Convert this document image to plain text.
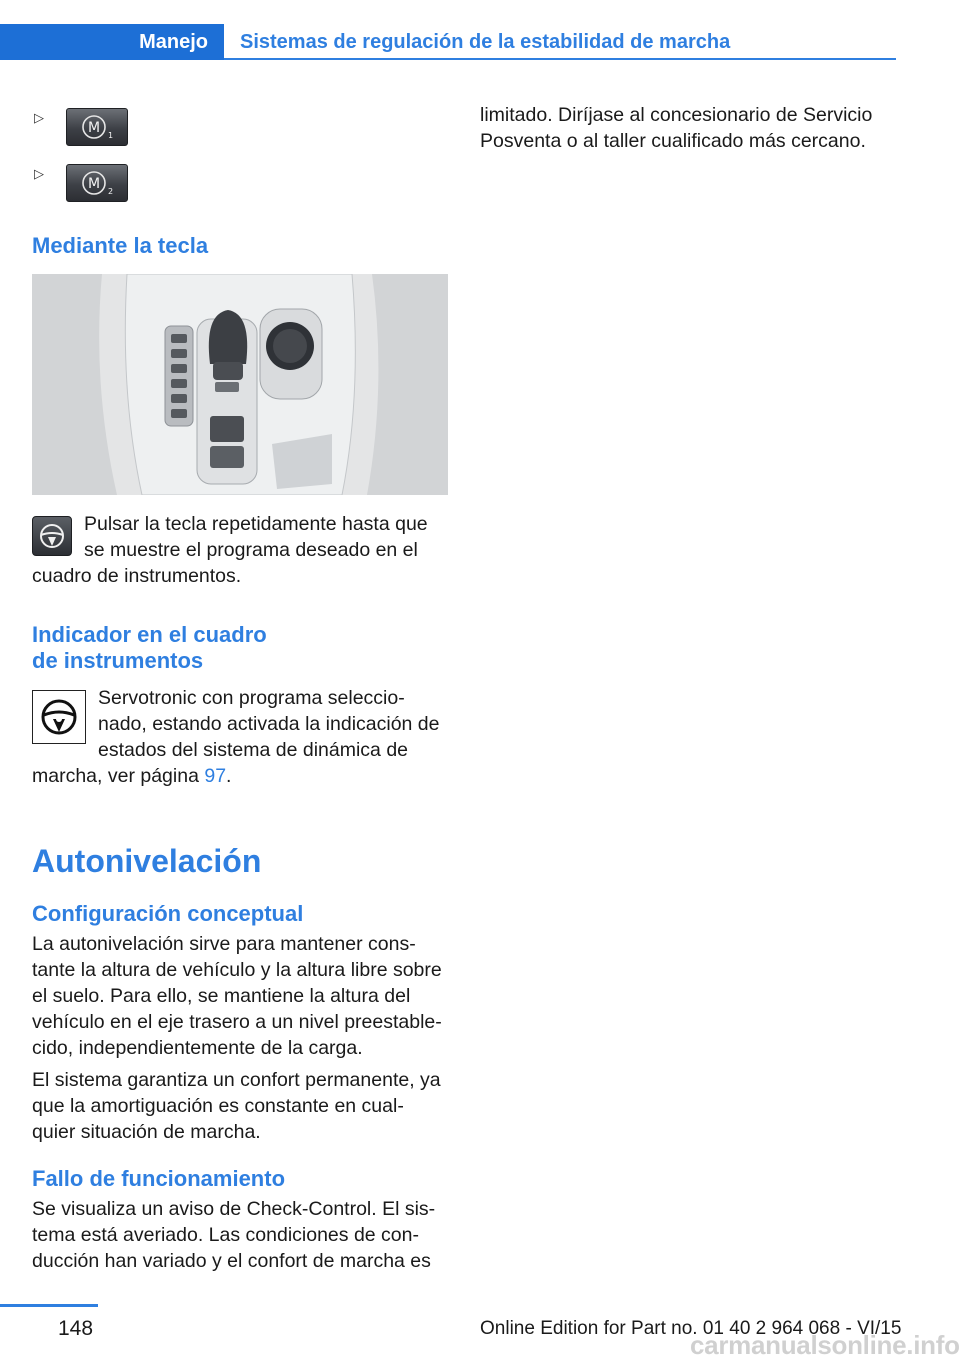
Manejo Sistemas de regulación de la estabilidad de marcha
▷
M 1
▷
M 2
Mediante la tecla
Pulsar la tecla repetidamente hasta que
se muestre el programa deseado en el
cuadro de instrumentos.
Indicador en el cuadro
de instrumentos
Servotronic con programa seleccio-
nado, estando activada la indicación de
estados del sistema de dinámica de
marcha, ver página 97.
Autonivelación
Configuración conceptual
La autonivelación sirve para mantener cons-
tante la altura de vehículo y la altura libre sobre
el suelo. Para ello, se mantiene la altura del
vehículo en el eje trasero a un nivel preestable-
cido, independientemente de la carga.
El sistema garantiza un confort permanente, ya
que la amortiguación es constante en cual-
quier situación de marcha.
Fallo de funcionamiento
Se visualiza un aviso de Check-Control. El sis-
tema está averiado. Las condiciones de con-
ducción han variado y el confort de marcha es
limitado. Diríjase al concesionario de Servicio
Posventa o al taller cualificado más cercano.
148	Online Edition for Part no. 01 40 2 964 068 - VI/15
carmanualsonline.info
